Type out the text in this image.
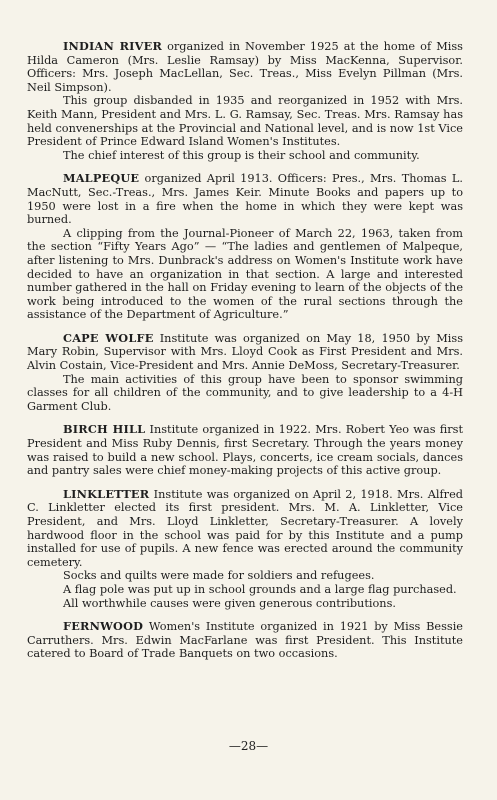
INDIAN RIVER organized in November 1925 at the home of Miss Hilda Cameron (Mrs. Leslie Ramsay) by Miss MacKenna, Supervisor. Officers: Mrs. Joseph MacLellan, Sec. Treas., Miss Evelyn Pillman (Mrs. Neil Simpson).

This group disbanded in 1935 and reorganized in 1952 with Mrs. Keith Mann, President and Mrs. L. G. Ramsay, Sec. Treas. Mrs. Ramsay has held convenerships at the Provincial and National level, and is now 1st Vice President of Prince Edward Island Women's Institutes.

The chief interest of this group is their school and community.

MALPEQUE organized April 1913. Officers: Pres., Mrs. Thomas L. MacNutt, Sec.-Treas., Mrs. James Keir. Minute Books and papers up to 1950 were lost in a fire when the home in which they were kept was burned.

A clipping from the Journal-Pioneer of March 22, 1963, taken from the section “Fifty Years Ago” — “The ladies and gentlemen of Malpeque, after listening to Mrs. Dunbrack's address on Women's Institute work have decided to have an organization in that section. A large and interested number gathered in the hall on Friday evening to learn of the objects of the work being introduced to the women of the rural sections through the assistance of the Department of Agriculture.”

CAPE WOLFE Institute was organized on May 18, 1950 by Miss Mary Robin, Supervisor with Mrs. Lloyd Cook as First President and Mrs. Alvin Costain, Vice-President and Mrs. Annie DeMoss, Secretary-Treasurer.

The main activities of this group have been to sponsor swimming classes for all children of the community, and to give leadership to a 4-H Garment Club.

BIRCH HILL Institute organized in 1922. Mrs. Robert Yeo was first President and Miss Ruby Dennis, first Secretary. Through the years money was raised to build a new school. Plays, concerts, ice cream socials, dances and pantry sales were chief money-making projects of this active group.

LINKLETTER Institute was organized on April 2, 1918. Mrs. Alfred C. Linkletter elected its first president. Mrs. M. A. Linkletter, Vice President, and Mrs. Lloyd Linkletter, Secretary-Treasurer. A lovely hardwood floor in the school was paid for by this Institute and a pump installed for use of pupils. A new fence was erected around the community cemetery.

Socks and quilts were made for soldiers and refugees.

A flag pole was put up in school grounds and a large flag purchased.

All worthwhile causes were given generous contributions.

FERNWOOD Women's Institute organized in 1921 by Miss Bessie Carruthers. Mrs. Edwin MacFarlane was first President. This Institute catered to Board of Trade Banquets on two occasions.

—28—
